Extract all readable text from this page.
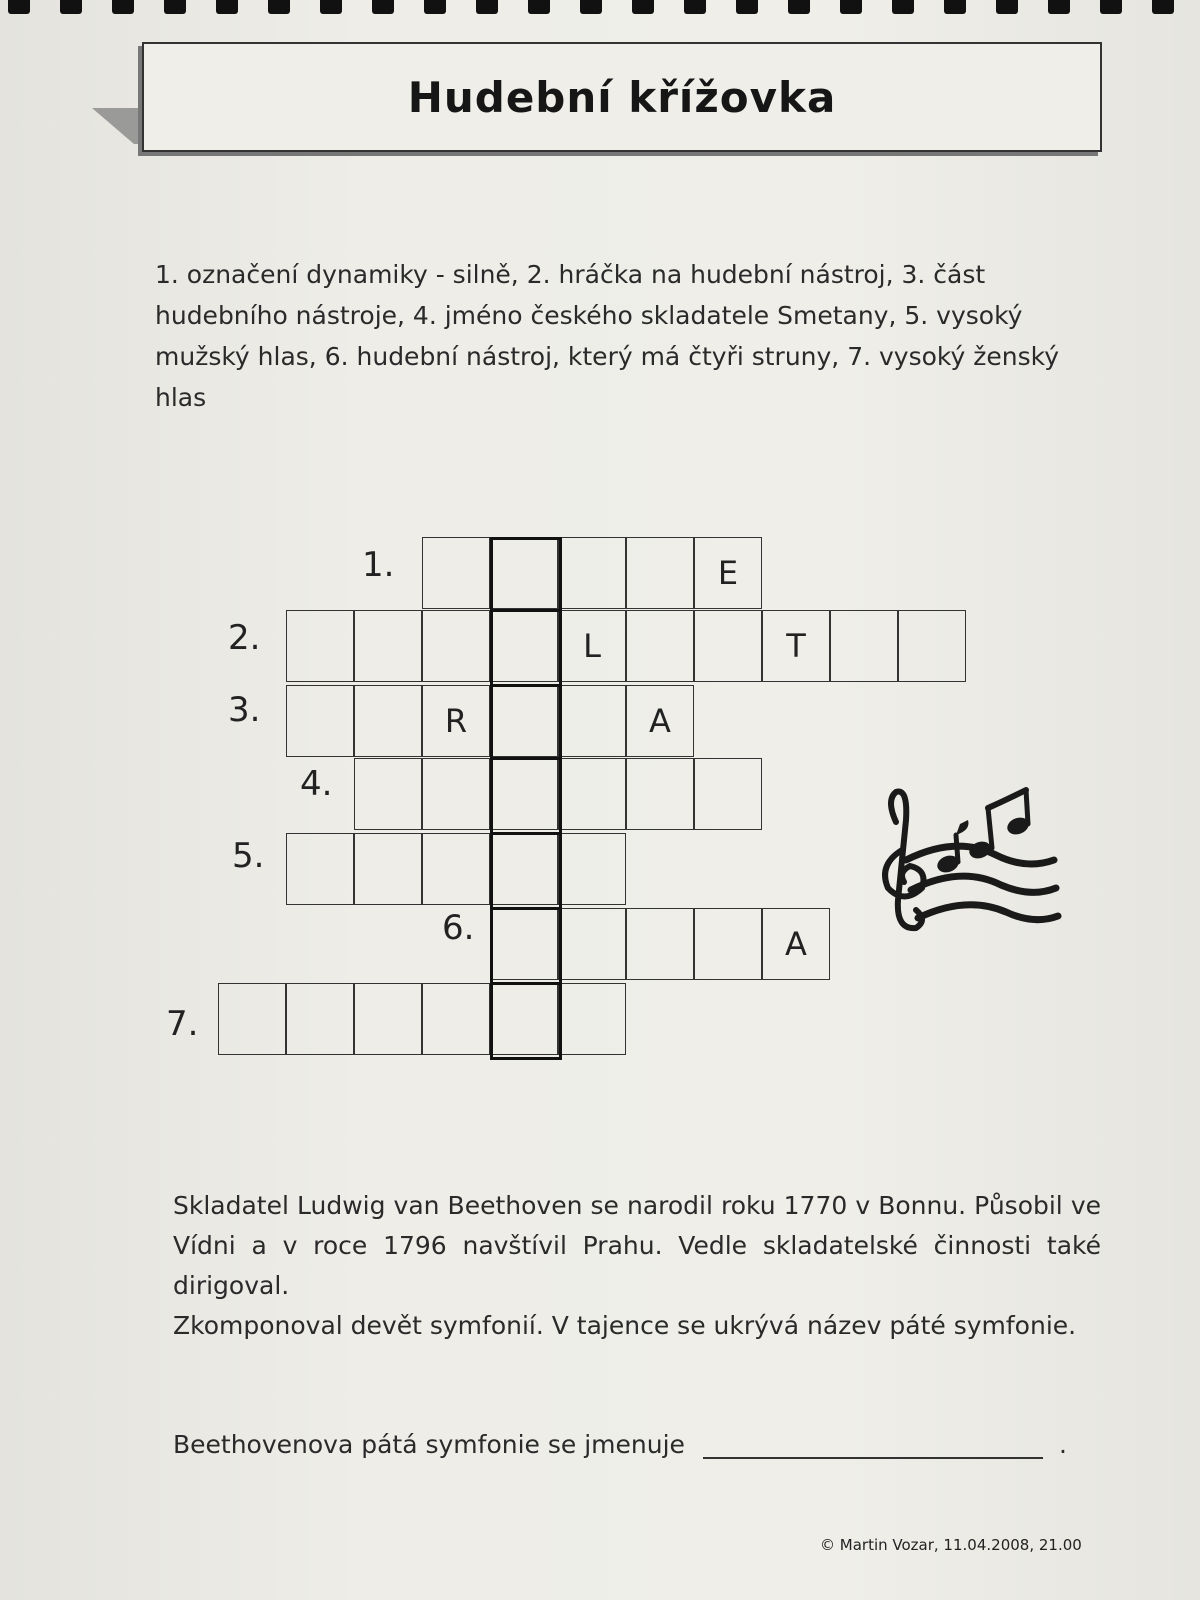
Hudební křížovka
1. označení dynamiky - silně, 2. hráčka na hudební nástroj, 3. část hudebního nástroje, 4. jméno českého skladatele Smetany, 5. vysoký mužský hlas, 6. hudební nástroj, který má čtyři struny, 7. vysoký ženský hlas
1.
2.
3.
4.
5.
6.
7.
E
L	T
R	A
A
Skladatel Ludwig van Beethoven se narodil roku 1770 v Bonnu. Působil ve Vídni a v roce 1796 navštívil Prahu. Vedle skladatelské činnosti také dirigoval.
Zkomponoval devět symfonií. V tajence se ukrývá název páté symfonie.
Beethovenova pátá symfonie se jmenuje	.
© Martin Vozar, 11.04.2008, 21.00
